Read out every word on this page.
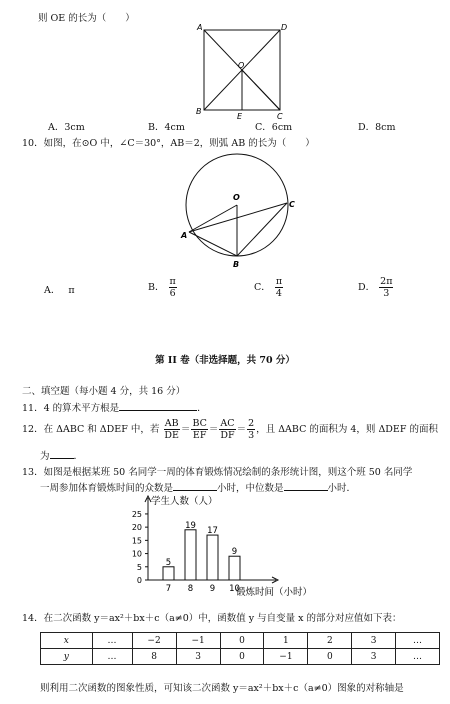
则 OE 的长为（　　）
A	D
O
B
E	C
A．3cm	B．4cm	C．6cm	D．8cm
10．如图，在⊙O 中，∠C＝30°，AB＝2，则弧 AB 的长为（　　）
O
C
A
B
A． π	B． $\frac{\pi}{6}$	C． $\frac{\pi}{4}$	D． $\frac{2\pi}{3}$
第 II 卷（非选择题，共 70 分）
二、填空题（每小题 4 分，共 16 分）
11．4 的算术平方根是	．
12．在 ΔABC 和 ΔDEF 中，若 $\frac{AB}{DE} = \frac{BC}{EF} = \frac{AC}{DF} = \frac{2}{3}$ ，且 ΔABC 的面积为 4，则 ΔDEF 的面积
为	．
13．如图是根据某班 50 名同学一周的体育锻炼情况绘制的条形统计图，则这个班 50 名同学
一周参加体育锻炼时间的众数是	小时，中位数是	小时．
0
5
10
15
20
25
学生人数（人）
5
7
19
8
17
9
9
10
锻炼时间（小时）
14．在二次函数 y＝ax²＋bx＋c（a≠0）中，函数值 y 与自变量 x 的部分对应值如下表：
x	…	−2	−1	0	1	2	3	…
y	…	8	3	0	−1	0	3	…
则利用二次函数的图象性质，可知该二次函数 y＝ax²＋bx＋c（a≠0）图象的对称轴是
